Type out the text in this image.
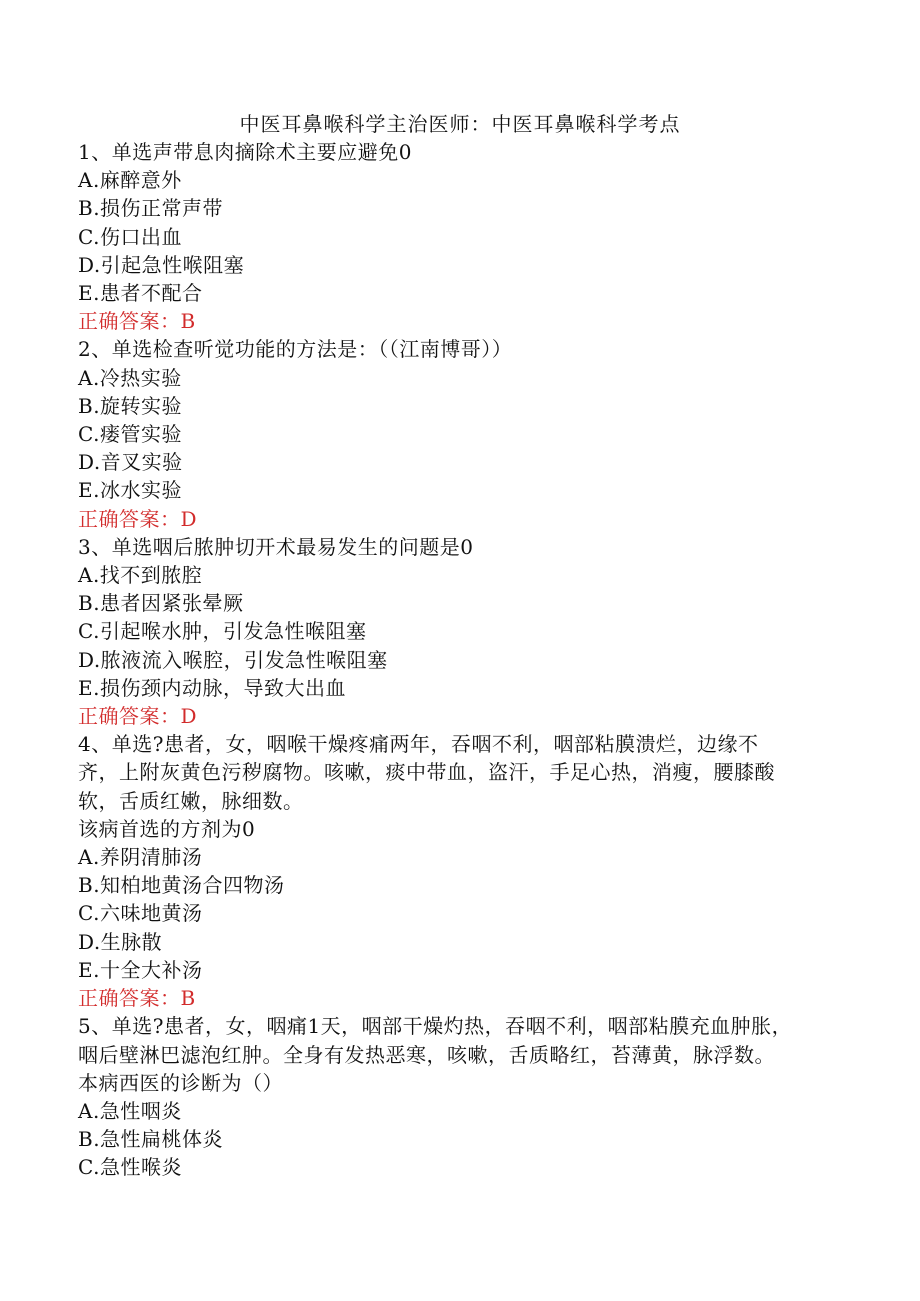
中医耳鼻喉科学主治医师：中医耳鼻喉科学考点
1、单选声带息肉摘除术主要应避免0
A.麻醉意外
B.损伤正常声带
C.伤口出血
D.引起急性喉阻塞
E.患者不配合
正确答案：B
2、单选检查听觉功能的方法是：（（江南博哥））
A.冷热实验
B.旋转实验
C.瘘管实验
D.音叉实验
E.冰水实验
正确答案：D
3、单选咽后脓肿切开术最易发生的问题是0
A.找不到脓腔
B.患者因紧张晕厥
C.引起喉水肿，引发急性喉阻塞
D.脓液流入喉腔，引发急性喉阻塞
E.损伤颈内动脉，导致大出血
正确答案：D
4、单选?患者，女，咽喉干燥疼痛两年，吞咽不利，咽部粘膜溃烂，边缘不
齐，上附灰黄色污秽腐物。咳嗽，痰中带血，盗汗，手足心热，消瘦，腰膝酸
软，舌质红嫩，脉细数。
该病首选的方剂为0
A.养阴清肺汤
B.知柏地黄汤合四物汤
C.六味地黄汤
D.生脉散
E.十全大补汤
正确答案：B
5、单选?患者，女，咽痛1天，咽部干燥灼热，吞咽不利，咽部粘膜充血肿胀，
咽后壁淋巴滤泡红肿。全身有发热恶寒，咳嗽，舌质略红，苔薄黄，脉浮数。
本病西医的诊断为（）
A.急性咽炎
B.急性扁桃体炎
C.急性喉炎
